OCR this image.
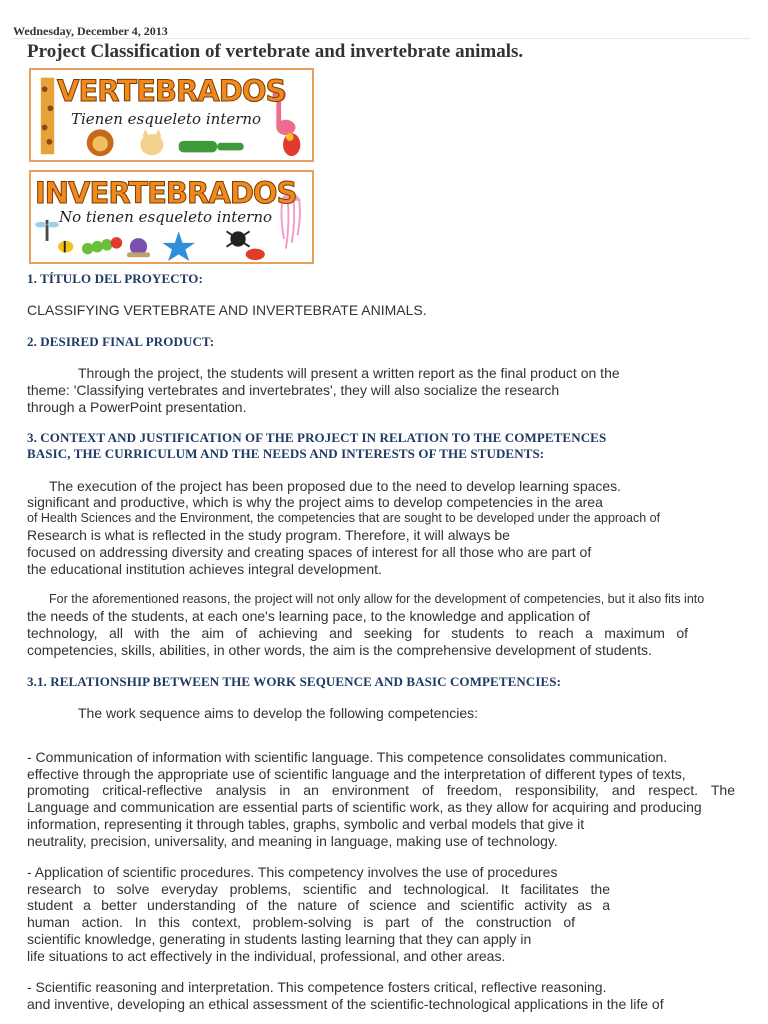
Wednesday, December 4, 2013
Project Classification of vertebrate and invertebrate animals.
VERTEBRADOS
Tienen esqueleto interno
INVERTEBRADOS
No tienen esqueleto interno
1. TÍTULO DEL PROYECTO:

CLASSIFYING VERTEBRATE AND INVERTEBRATE ANIMALS.

2. DESIRED FINAL PRODUCT:

Through the project, the students will present a written report as the final product on the

theme: 'Classifying vertebrates and invertebrates', they will also socialize the research

through a PowerPoint presentation.

3. CONTEXT AND JUSTIFICATION OF THE PROJECT IN RELATION TO THE COMPETENCES
BASIC, THE CURRICULUM AND THE NEEDS AND INTERESTS OF THE STUDENTS:

The execution of the project has been proposed due to the need to develop learning spaces.

significant and productive, which is why the project aims to develop competencies in the area

of Health Sciences and the Environment, the competencies that are sought to be developed under the approach of

Research is what is reflected in the study program. Therefore, it will always be

focused on addressing diversity and creating spaces of interest for all those who are part of

the educational institution achieves integral development.

For the aforementioned reasons, the project will not only allow for the development of competencies, but it also fits into

the needs of the students, at each one's learning pace, to the knowledge and application of

technology, all with the aim of achieving and seeking for students to reach a maximum of

competencies, skills, abilities, in other words, the aim is the comprehensive development of students.

3.1. RELATIONSHIP BETWEEN THE WORK SEQUENCE AND BASIC COMPETENCIES:

The work sequence aims to develop the following competencies:

- Communication of information with scientific language. This competence consolidates communication.

effective through the appropriate use of scientific language and the interpretation of different types of texts,

promoting critical-reflective analysis in an environment of freedom, responsibility, and respect. The

Language and communication are essential parts of scientific work, as they allow for acquiring and producing

information, representing it through tables, graphs, symbolic and verbal models that give it

neutrality, precision, universality, and meaning in language, making use of technology.

- Application of scientific procedures. This competency involves the use of procedures

research to solve everyday problems, scientific and technological. It facilitates the

student a better understanding of the nature of science and scientific activity as a

human action. In this context, problem-solving is part of the construction of

scientific knowledge, generating in students lasting learning that they can apply in

life situations to act effectively in the individual, professional, and other areas.

- Scientific reasoning and interpretation. This competence fosters critical, reflective reasoning.

and inventive, developing an ethical assessment of the scientific-technological applications in the life of
